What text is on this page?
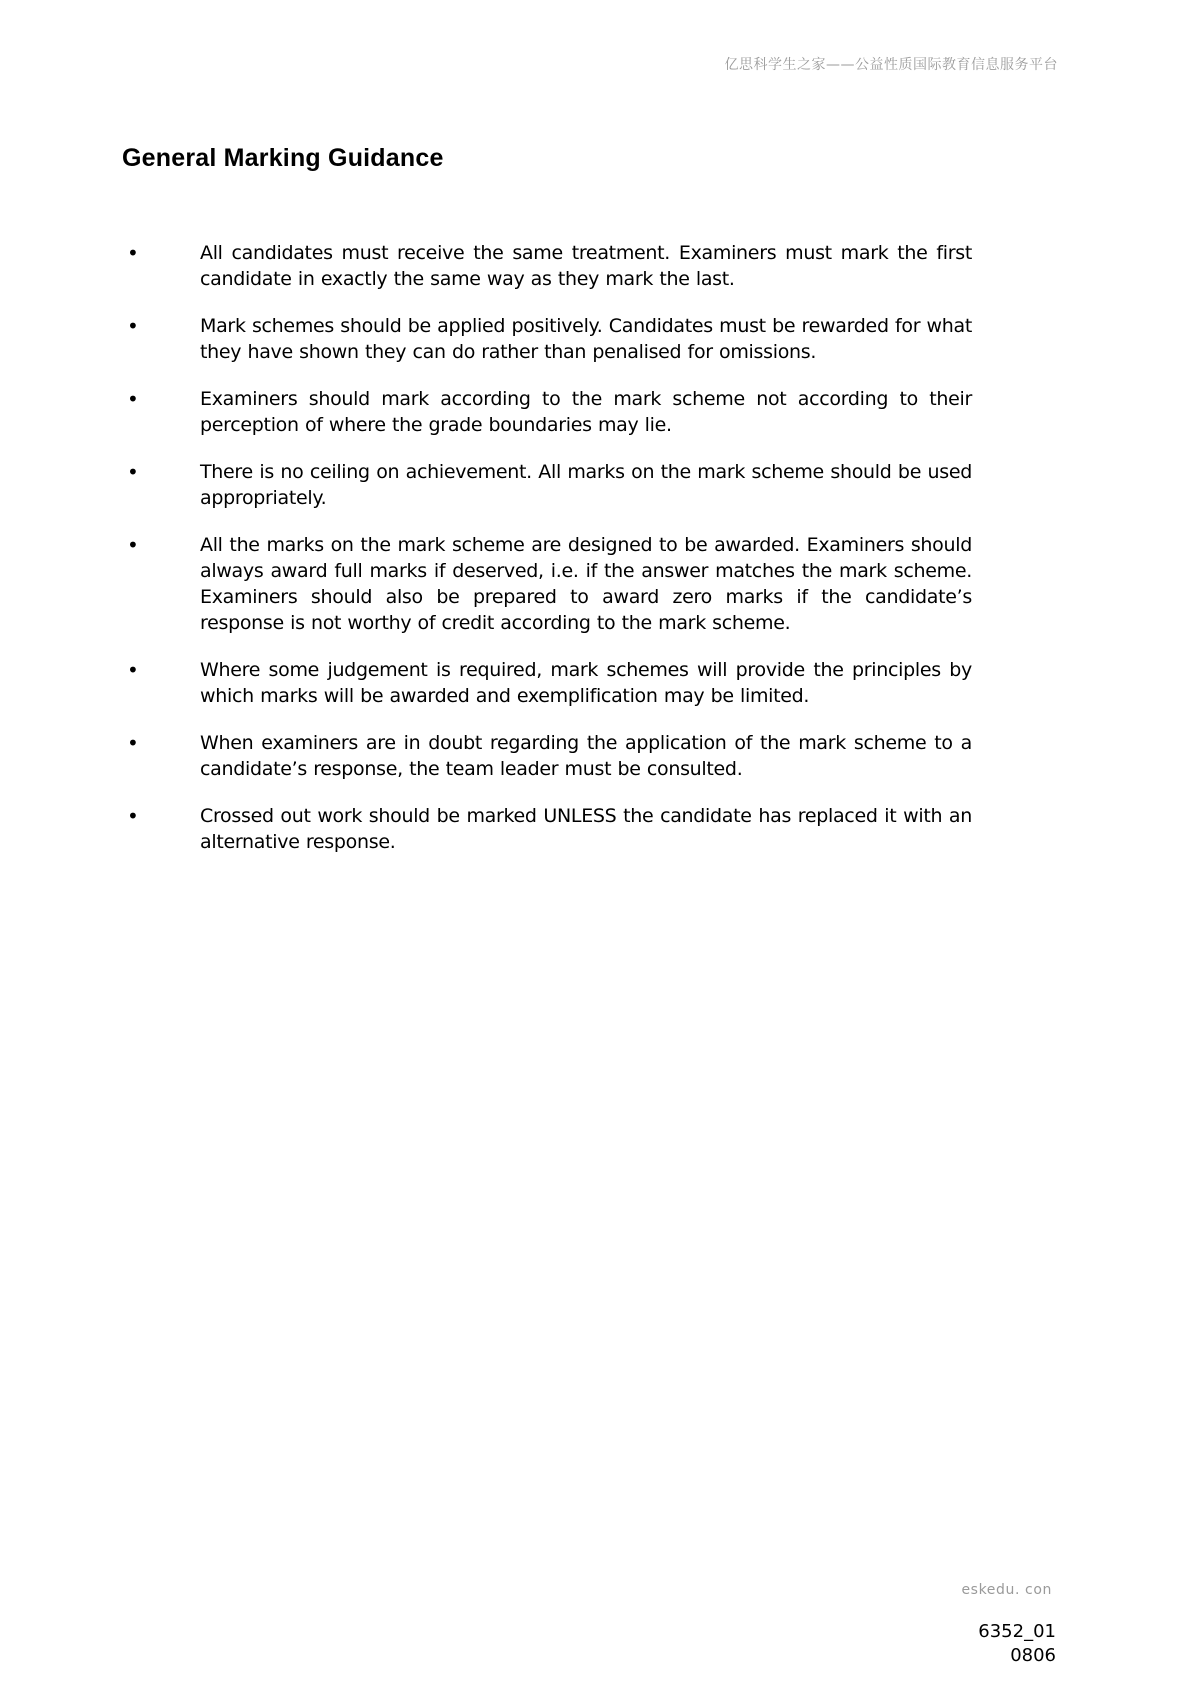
亿思科学生之家——公益性质国际教育信息服务平台
General Marking Guidance
•	All candidates must receive the same treatment. Examiners must mark the first candidate in exactly the same way as they mark the last.
•	Mark schemes should be applied positively. Candidates must be rewarded for what they have shown they can do rather than penalised for omissions.
•	Examiners should mark according to the mark scheme not according to their perception of where the grade boundaries may lie.
•	There is no ceiling on achievement. All marks on the mark scheme should be used appropriately.
•	All the marks on the mark scheme are designed to be awarded. Examiners should always award full marks if deserved, i.e. if the answer matches the mark scheme. Examiners should also be prepared to award zero marks if the candidate’s response is not worthy of credit according to the mark scheme.
•	Where some judgement is required, mark schemes will provide the principles by which marks will be awarded and exemplification may be limited.
•	When examiners are in doubt regarding the application of the mark scheme to a candidate’s response, the team leader must be consulted.
•	Crossed out work should be marked UNLESS the candidate has replaced it with an alternative response.
eskedu. con
6352_01
0806
